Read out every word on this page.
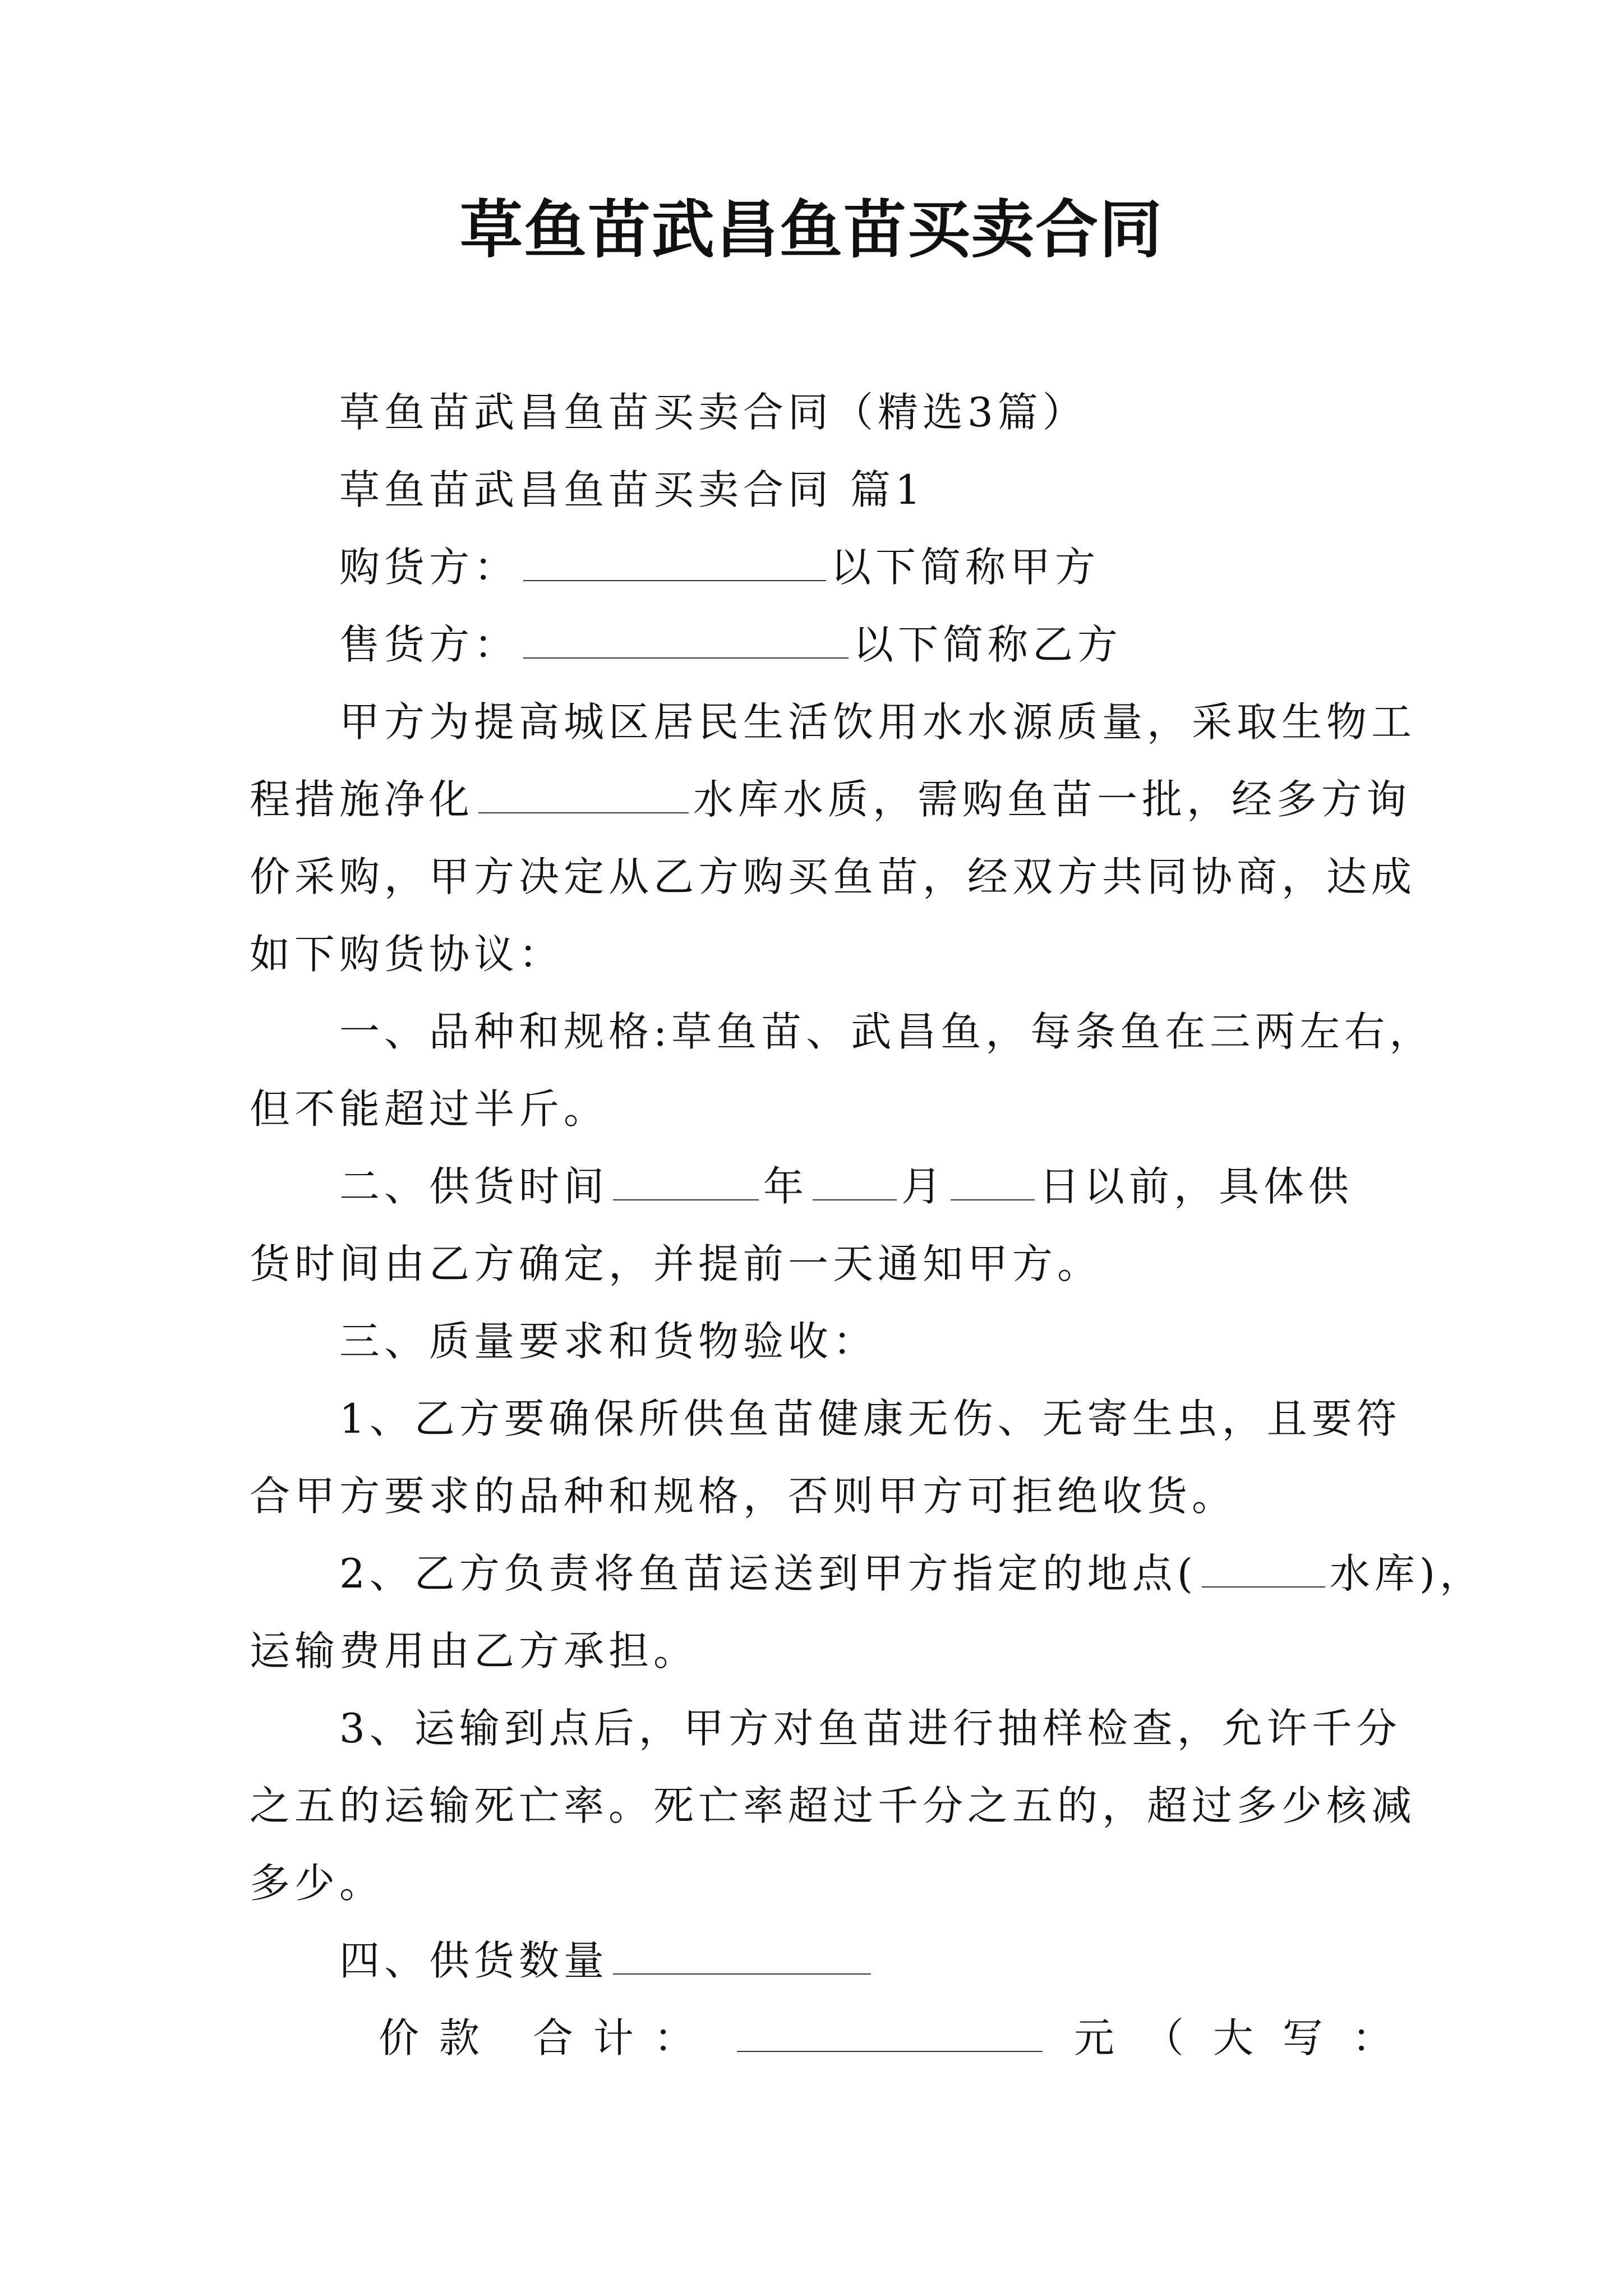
草鱼苗武昌鱼苗买卖合同
草鱼苗武昌鱼苗买卖合同（精选3篇）
草鱼苗武昌鱼苗买卖合同 篇1
购货方：	以下简称甲方
售货方：	以下简称乙方
甲方为提高城区居民生活饮用水水源质量，采取生物工
程措施净化	水库水质，需购鱼苗一批，经多方询
价采购，甲方决定从乙方购买鱼苗，经双方共同协商，达成
如下购货协议：
一、品种和规格:草鱼苗、武昌鱼，每条鱼在三两左右，
但不能超过半斤。
二、供货时间	年 月 日以前，具体供
货时间由乙方确定，并提前一天通知甲方。
三、质量要求和货物验收：
1、乙方要确保所供鱼苗健康无伤、无寄生虫，且要符
合甲方要求的品种和规格，否则甲方可拒绝收货。
2、乙方负责将鱼苗运送到甲方指定的地点(	水库)，
运输费用由乙方承担。
3、运输到点后，甲方对鱼苗进行抽样检查，允许千分
之五的运输死亡率。死亡率超过千分之五的，超过多少核减
多少。
四、供货数量
价款 合计：	元（大写：
